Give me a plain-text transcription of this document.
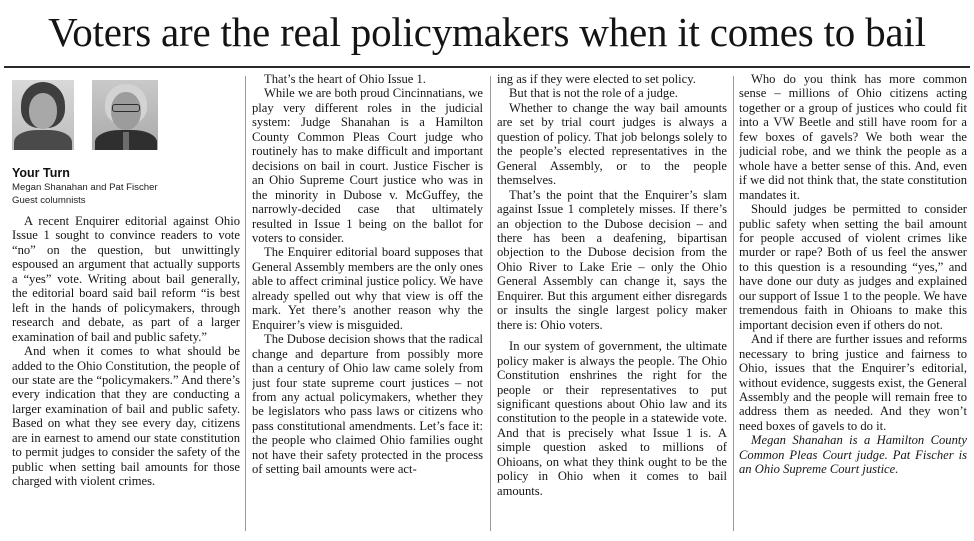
Voters are the real policymakers when it comes to bail
Your Turn
Megan Shanahan and Pat Fischer
Guest columnists

A recent Enquirer editorial against Ohio Issue 1 sought to convince readers to vote “no” on the question, but unwittingly espoused an argument that actually supports a “yes” vote. Writing about bail generally, the editorial board said bail reform “is best left in the hands of policymakers, through research and debate, as part of a larger examination of bail and public safety.”

And when it comes to what should be added to the Ohio Constitution, the people of our state are the “policymakers.” And there’s every indication that they are conducting a larger examination of bail and public safety. Based on what they see every day, citizens are in earnest to amend our state constitution to permit judges to consider the safety of the public when setting bail amounts for those charged with violent crimes.

That’s the heart of Ohio Issue 1.

While we are both proud Cincinnatians, we play very different roles in the judicial system: Judge Shanahan is a Hamilton County Common Pleas Court judge who routinely has to make difficult and important decisions on bail in court. Justice Fischer is an Ohio Supreme Court justice who was in the minority in Dubose v. McGuffey, the narrowly-decided case that ultimately resulted in Issue 1 being on the ballot for voters to consider.

The Enquirer editorial board supposes that General Assembly members are the only ones able to affect criminal justice policy. We have already spelled out why that view is off the mark. Yet there’s another reason why the Enquirer’s view is misguided.

The Dubose decision shows that the radical change and departure from possibly more than a century of Ohio law came solely from just four state supreme court justices – not from any actual policymakers, whether they be legislators who pass laws or citizens who pass constitutional amendments. Let’s face it: the people who claimed Ohio families ought not have their safety protected in the process of setting bail amounts were act-

ing as if they were elected to set policy.

But that is not the role of a judge.

Whether to change the way bail amounts are set by trial court judges is always a question of policy. That job belongs solely to the people’s elected representatives in the General Assembly, or to the people themselves.

That’s the point that the Enquirer’s slam against Issue 1 completely misses. If there’s an objection to the Dubose decision – and there has been a deafening, bipartisan objection to the Dubose decision from the Ohio River to Lake Erie – only the Ohio General Assembly can change it, says the Enquirer. But this argument either disregards or insults the single largest policy maker there is: Ohio voters.

In our system of government, the ultimate policy maker is always the people. The Ohio Constitution enshrines the right for the people or their representatives to put significant questions about Ohio law and its constitution to the people in a statewide vote. And that is precisely what Issue 1 is. A simple question asked to millions of Ohioans, on what they think ought to be the policy in Ohio when it comes to bail amounts.

Who do you think has more common sense – millions of Ohio citizens acting together or a group of justices who could fit into a VW Beetle and still have room for a few boxes of gavels? We both wear the judicial robe, and we think the people as a whole have a better sense of this. And, even if we did not think that, the state constitution mandates it.

Should judges be permitted to consider public safety when setting the bail amount for people accused of violent crimes like murder or rape? Both of us feel the answer to this question is a resounding “yes,” and have done our duty as judges and explained our support of Issue 1 to the people. We have tremendous faith in Ohioans to make this important decision even if others do not.

And if there are further issues and reforms necessary to bring justice and fairness to Ohio, issues that the Enquirer’s editorial, without evidence, suggests exist, the General Assembly and the people will remain free to address them as needed. And they won’t need boxes of gavels to do it.

Megan Shanahan is a Hamilton County Common Pleas Court judge. Pat Fischer is an Ohio Supreme Court justice.
